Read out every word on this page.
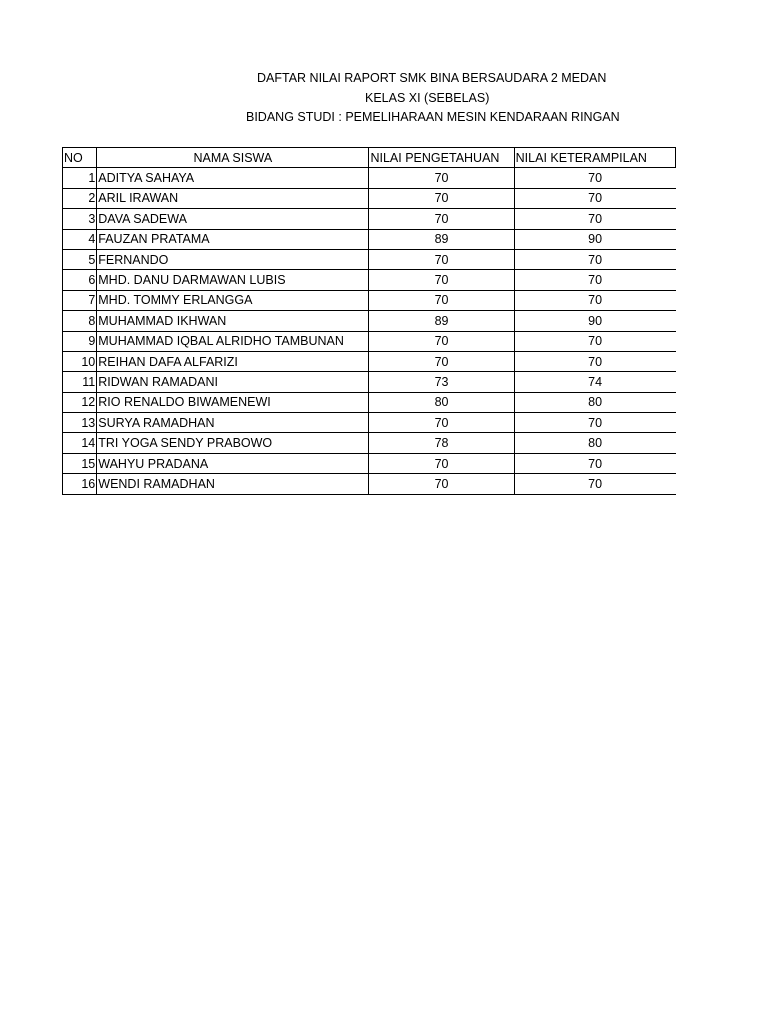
DAFTAR NILAI RAPORT SMK BINA BERSAUDARA 2 MEDAN
KELAS XI (SEBELAS)
BIDANG STUDI : PEMELIHARAAN MESIN KENDARAAN RINGAN
NO	NAMA SISWA	NILAI PENGETAHUAN	NILAI KETERAMPILAN
1	ADITYA SAHAYA	70	70
2	ARIL IRAWAN	70	70
3	DAVA SADEWA	70	70
4	FAUZAN PRATAMA	89	90
5	FERNANDO	70	70
6	MHD. DANU DARMAWAN LUBIS	70	70
7	MHD. TOMMY ERLANGGA	70	70
8	MUHAMMAD IKHWAN	89	90
9	MUHAMMAD IQBAL ALRIDHO TAMBUNAN	70	70
10	REIHAN DAFA ALFARIZI	70	70
11	RIDWAN RAMADANI	73	74
12	RIO RENALDO BIWAMENEWI	80	80
13	SURYA RAMADHAN	70	70
14	TRI YOGA SENDY PRABOWO	78	80
15	WAHYU PRADANA	70	70
16	WENDI RAMADHAN	70	70
